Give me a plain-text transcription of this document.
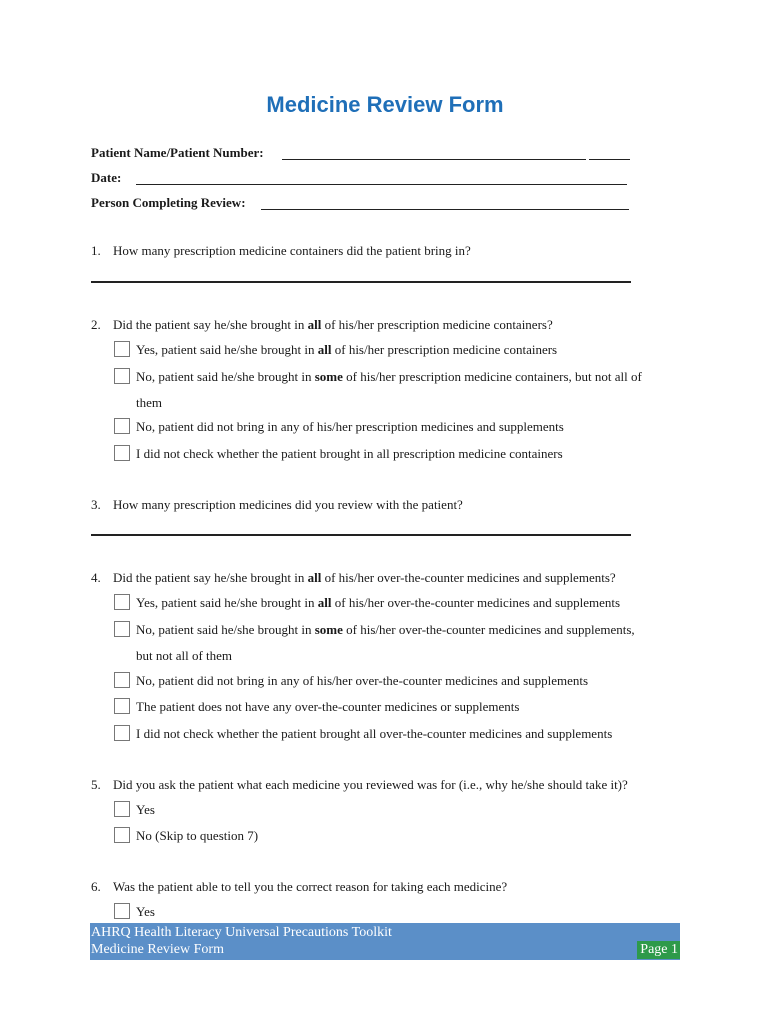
Medicine Review Form
Patient Name/Patient Number:
Date:
Person Completing Review:
1. How many prescription medicine containers did the patient bring in?
2. Did the patient say he/she brought in all of his/her prescription medicine containers?
Yes, patient said he/she brought in all of his/her prescription medicine containers
No, patient said he/she brought in some of his/her prescription medicine containers, but not all of
them
No, patient did not bring in any of his/her prescription medicines and supplements
I did not check whether the patient brought in all prescription medicine containers
3. How many prescription medicines did you review with the patient?
4. Did the patient say he/she brought in all of his/her over-the-counter medicines and supplements?
Yes, patient said he/she brought in all of his/her over-the-counter medicines and supplements
No, patient said he/she brought in some of his/her over-the-counter medicines and supplements,
but not all of them
No, patient did not bring in any of his/her over-the-counter medicines and supplements
The patient does not have any over-the-counter medicines or supplements
I did not check whether the patient brought all over-the-counter medicines and supplements
5. Did you ask the patient what each medicine you reviewed was for (i.e., why he/she should take it)?
Yes
No (Skip to question 7)
6. Was the patient able to tell you the correct reason for taking each medicine?
Yes
AHRQ Health Literacy Universal Precautions Toolkit
Medicine Review Form	Page 1
